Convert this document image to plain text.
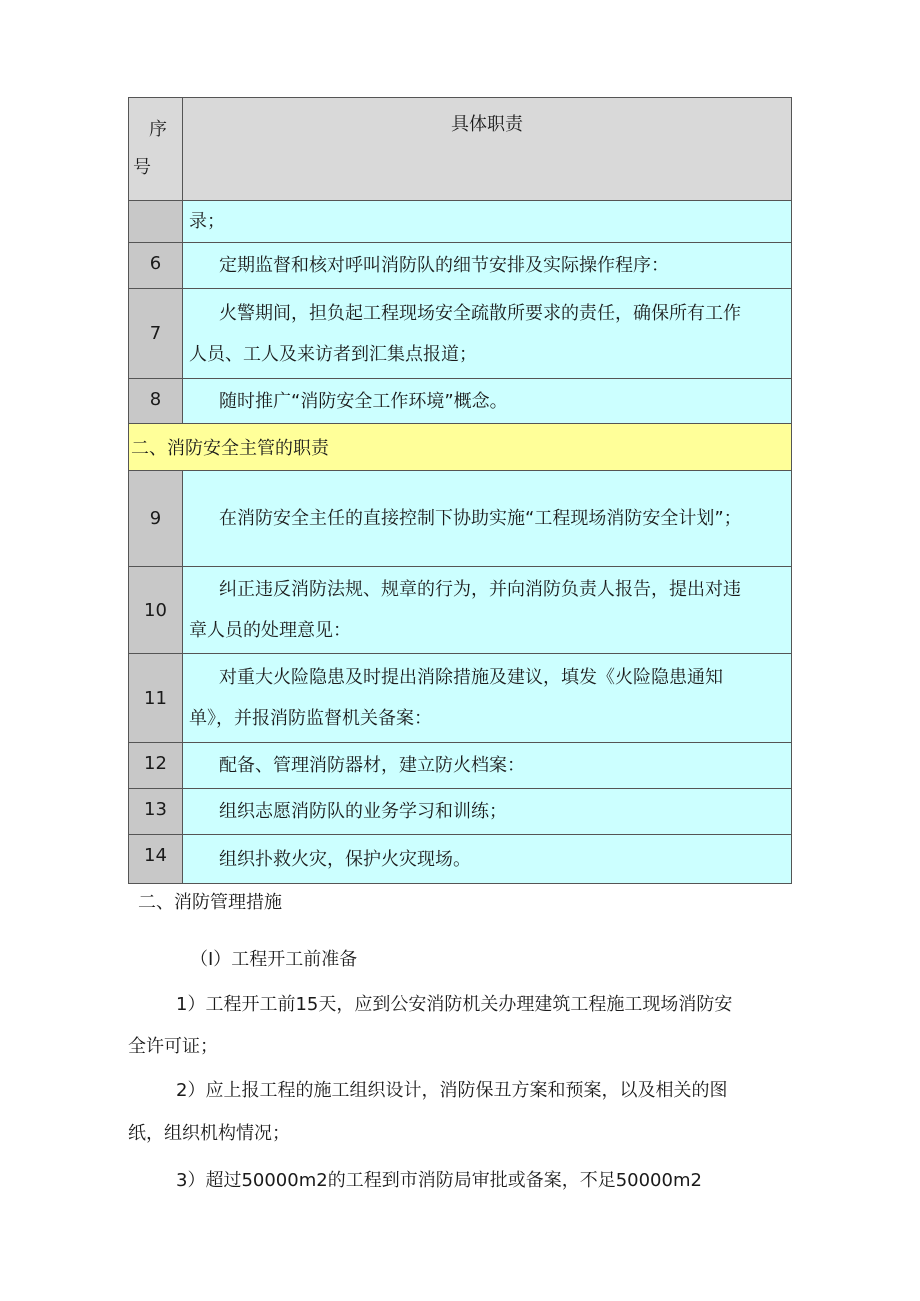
序
号	具体职责

	录；

6	定期监督和核对呼叫消防队的细节安排及实际操作程序：

7	火警期间，担负起工程现场安全疏散所要求的责任，确保所有工作
人员、工人及来访者到汇集点报道；

8	随时推广“消防安全工作环境”概念。

二、消防安全主管的职责	
9	在消防安全主任的直接控制下协助实施“工程现场消防安全计划”；

10	纠正违反消防法规、规章的行为，并向消防负责人报告，提出对违
章人员的处理意见：

11	对重大火险隐患及时提出消除措施及建议，填发《火险隐患通知
单》，并报消防监督机关备案：

12	配备、管理消防器材，建立防火档案：

13	组织志愿消防队的业务学习和训练；

14	组织扑救火灾，保护火灾现场。
二、消防管理措施
（I）工程开工前准备
1）工程开工前15天，应到公安消防机关办理建筑工程施工现场消防安
全许可证；
2）应上报工程的施工组织设计，消防保丑方案和预案，以及相关的图
纸，组织机构情况；
3）超过50000m2的工程到市消防局审批或备案，不足50000m2
